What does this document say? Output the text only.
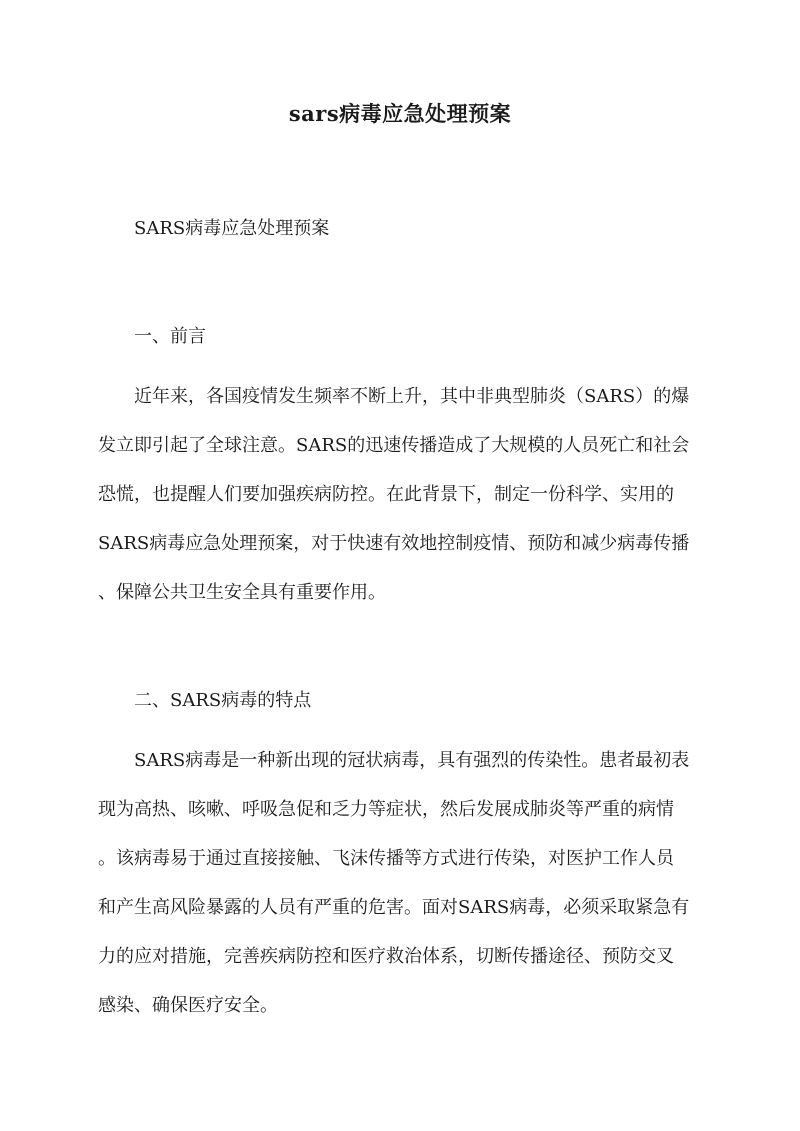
sars病毒应急处理预案
SARS病毒应急处理预案
一、前言
近年来，各国疫情发生频率不断上升，其中非典型肺炎（SARS）的爆
发立即引起了全球注意。SARS的迅速传播造成了大规模的人员死亡和社会
恐慌，也提醒人们要加强疾病防控。在此背景下，制定一份科学、实用的
SARS病毒应急处理预案，对于快速有效地控制疫情、预防和减少病毒传播
、保障公共卫生安全具有重要作用。
二、SARS病毒的特点
SARS病毒是一种新出现的冠状病毒，具有强烈的传染性。患者最初表
现为高热、咳嗽、呼吸急促和乏力等症状，然后发展成肺炎等严重的病情
。该病毒易于通过直接接触、飞沫传播等方式进行传染，对医护工作人员
和产生高风险暴露的人员有严重的危害。面对SARS病毒，必须采取紧急有
力的应对措施，完善疾病防控和医疗救治体系，切断传播途径、预防交叉
感染、确保医疗安全。
